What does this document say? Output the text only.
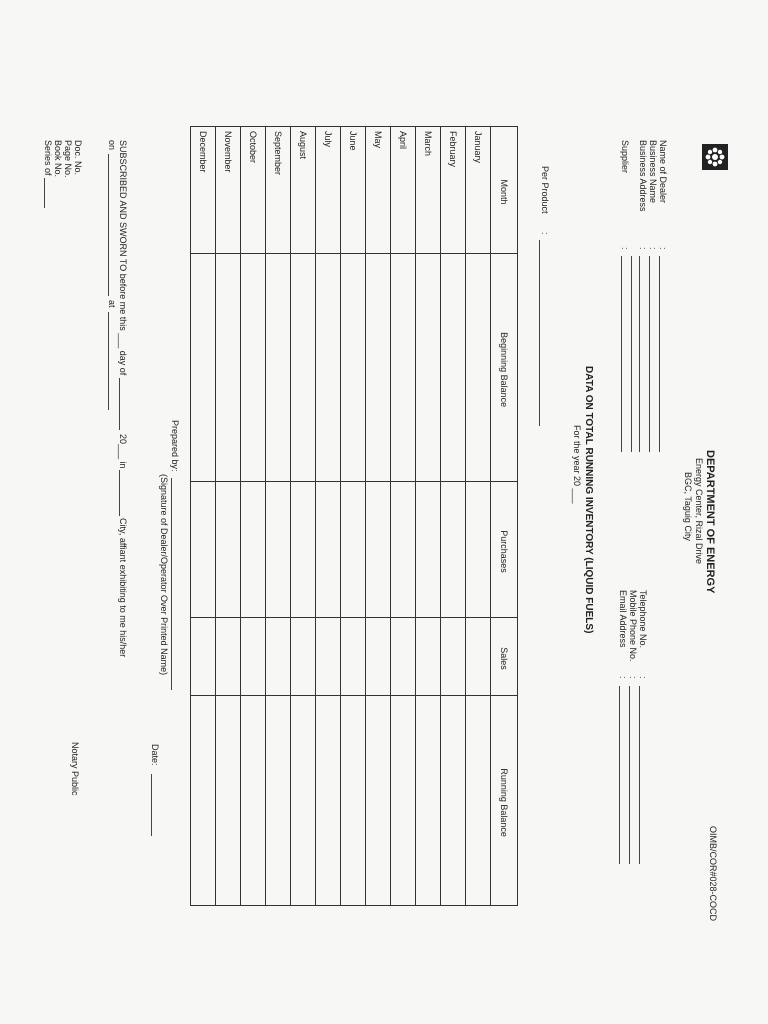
OIMB/COR#028-COCD
DEPARTMENT OF ENERGY
Energy Center, Rizal Drive
BGC, Taguig City
Name of Dealer
Business Name
Business Address
Supplier
:
:
:
:
Telephone No.
Mobile Phone No.
Email Address
:
:
:
DATA ON TOTAL RUNNING INVENTORY (LIQUID FUELS)
For the year 20 ___
Per Product
:
Month	Beginning Balance	Purchases	Sales	Running Balance
January				
February				
March				
April				
May				
June				
July				
August				
September				
October				
November				
December				
Prepared by:
(Signature of Dealer/Operator Over Printed Name)
Date:
SUBSCRIBED AND SWORN TO before me this ___ day of
20___ in
City, affiant exhibiting to me his/her
on
at
Notary Public
Doc. No.
Page No.
Book No.
Series of
